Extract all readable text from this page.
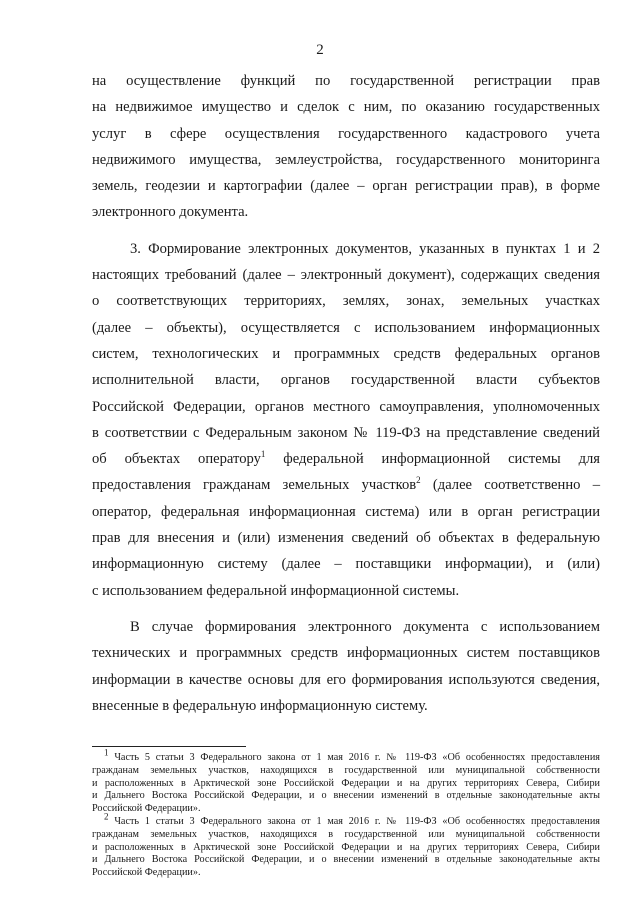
2
на осуществление функций по государственной регистрации прав
на недвижимое имущество и сделок с ним, по оказанию государственных
услуг в сфере осуществления государственного кадастрового учета
недвижимого имущества, землеустройства, государственного мониторинга
земель, геодезии и картографии (далее – орган регистрации прав), в форме
электронного документа.
3. Формирование электронных документов, указанных в пунктах 1 и 2
настоящих требований (далее – электронный документ), содержащих сведения
о соответствующих территориях, землях, зонах, земельных участках
(далее – объекты), осуществляется с использованием информационных
систем, технологических и программных средств федеральных органов
исполнительной власти, органов государственной власти субъектов
Российской Федерации, органов местного самоуправления, уполномоченных
в соответствии с Федеральным законом № 119-ФЗ на представление сведений
об объектах оператору$^1$ федеральной информационной системы для
предоставления гражданам земельных участков$^2$ (далее соответственно –
оператор, федеральная информационная система) или в орган регистрации
прав для внесения и (или) изменения сведений об объектах в федеральную
информационную систему (далее – поставщики информации), и (или)
с использованием федеральной информационной системы.
В случае формирования электронного документа с использованием
технических и программных средств информационных систем поставщиков
информации в качестве основы для его формирования используются сведения,
внесенные в федеральную информационную систему.
$^1$ Часть 5 статьи 3 Федерального закона от 1 мая 2016 г. № 119-ФЗ «Об особенностях предоставления
гражданам земельных участков, находящихся в государственной или муниципальной собственности
и расположенных в Арктической зоне Российской Федерации и на других территориях Севера, Сибири
и Дальнего Востока Российской Федерации, и о внесении изменений в отдельные законодательные акты
Российской Федерации».
$^2$ Часть 1 статьи 3 Федерального закона от 1 мая 2016 г. № 119-ФЗ «Об особенностях предоставления
гражданам земельных участков, находящихся в государственной или муниципальной собственности
и расположенных в Арктической зоне Российской Федерации и на других территориях Севера, Сибири
и Дальнего Востока Российской Федерации, и о внесении изменений в отдельные законодательные акты
Российской Федерации».
